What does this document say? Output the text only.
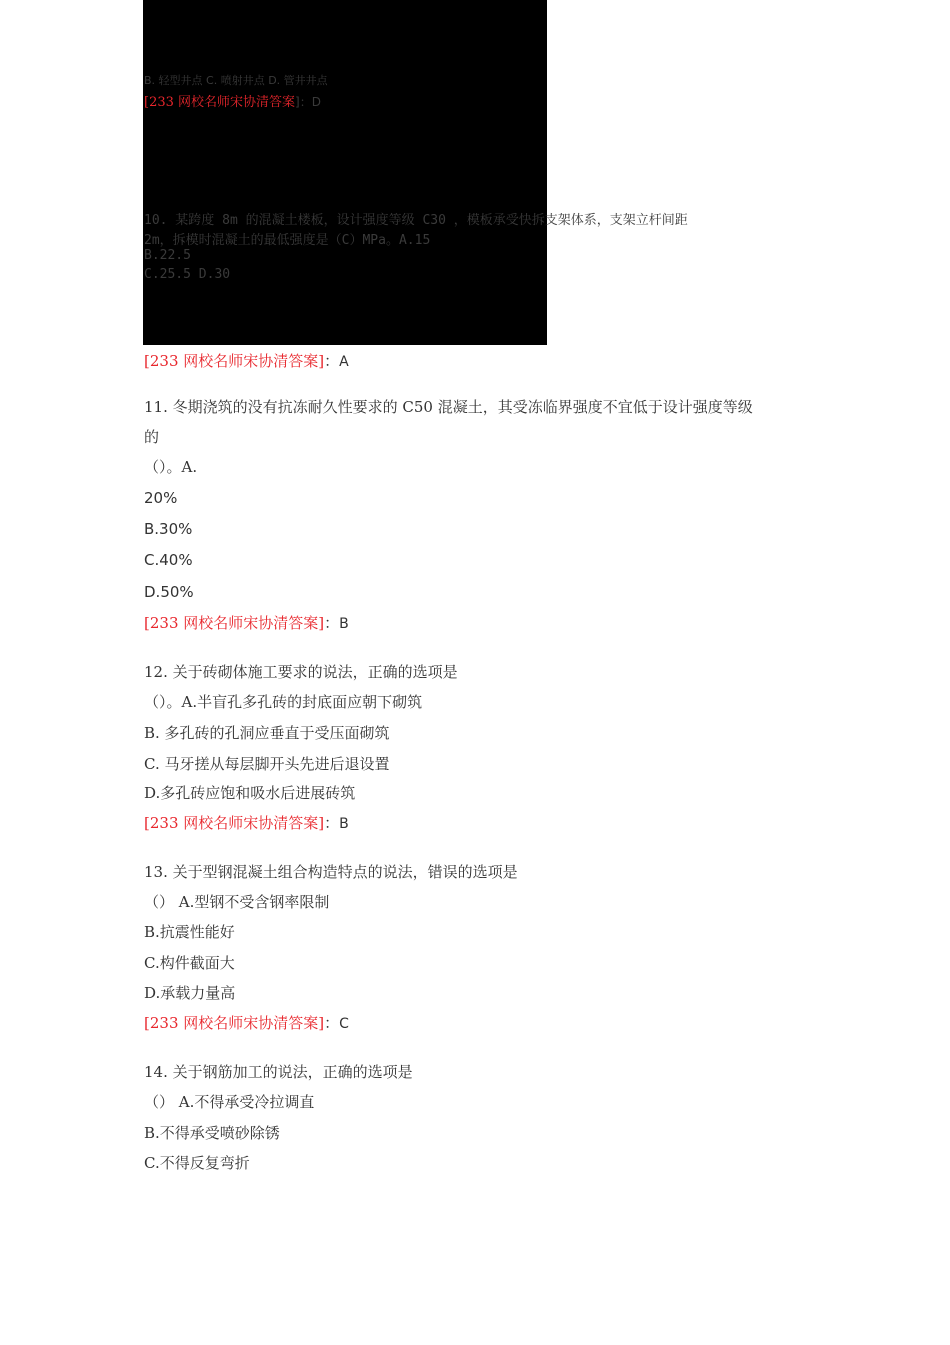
B. 轻型井点 C. 喷射井点 D. 管井井点
[233 网校名师宋协清答案]：D
10. 某跨度 8m 的混凝土楼板，设计强度等级 C30 ，模板承受快拆支架体系，支架立杆间距
2m，拆模时混凝土的最低强度是（C）MPa。A.15
B.22.5
C.25.5 D.30
[233 网校名师宋协清答案]：A
11. 冬期浇筑的没有抗冻耐久性要求的 C50 混凝土，其受冻临界强度不宜低于设计强度等级
的
（）。A.
20%
B.30%
C.40%
D.50%
[233 网校名师宋协清答案]：B
12. 关于砖砌体施工要求的说法，正确的选项是
（）。A.半盲孔多孔砖的封底面应朝下砌筑
B. 多孔砖的孔洞应垂直于受压面砌筑
C. 马牙搓从每层脚开头先进后退设置
D.多孔砖应饱和吸水后进展砖筑
[233 网校名师宋协清答案]：B
13. 关于型钢混凝土组合构造特点的说法，错误的选项是
（） A.型钢不受含钢率限制
B.抗震性能好
C.构件截面大
D.承载力量高
[233 网校名师宋协清答案]：C
14. 关于钢筋加工的说法，正确的选项是
（） A.不得承受冷拉调直
B.不得承受喷砂除锈
C.不得反复弯折
